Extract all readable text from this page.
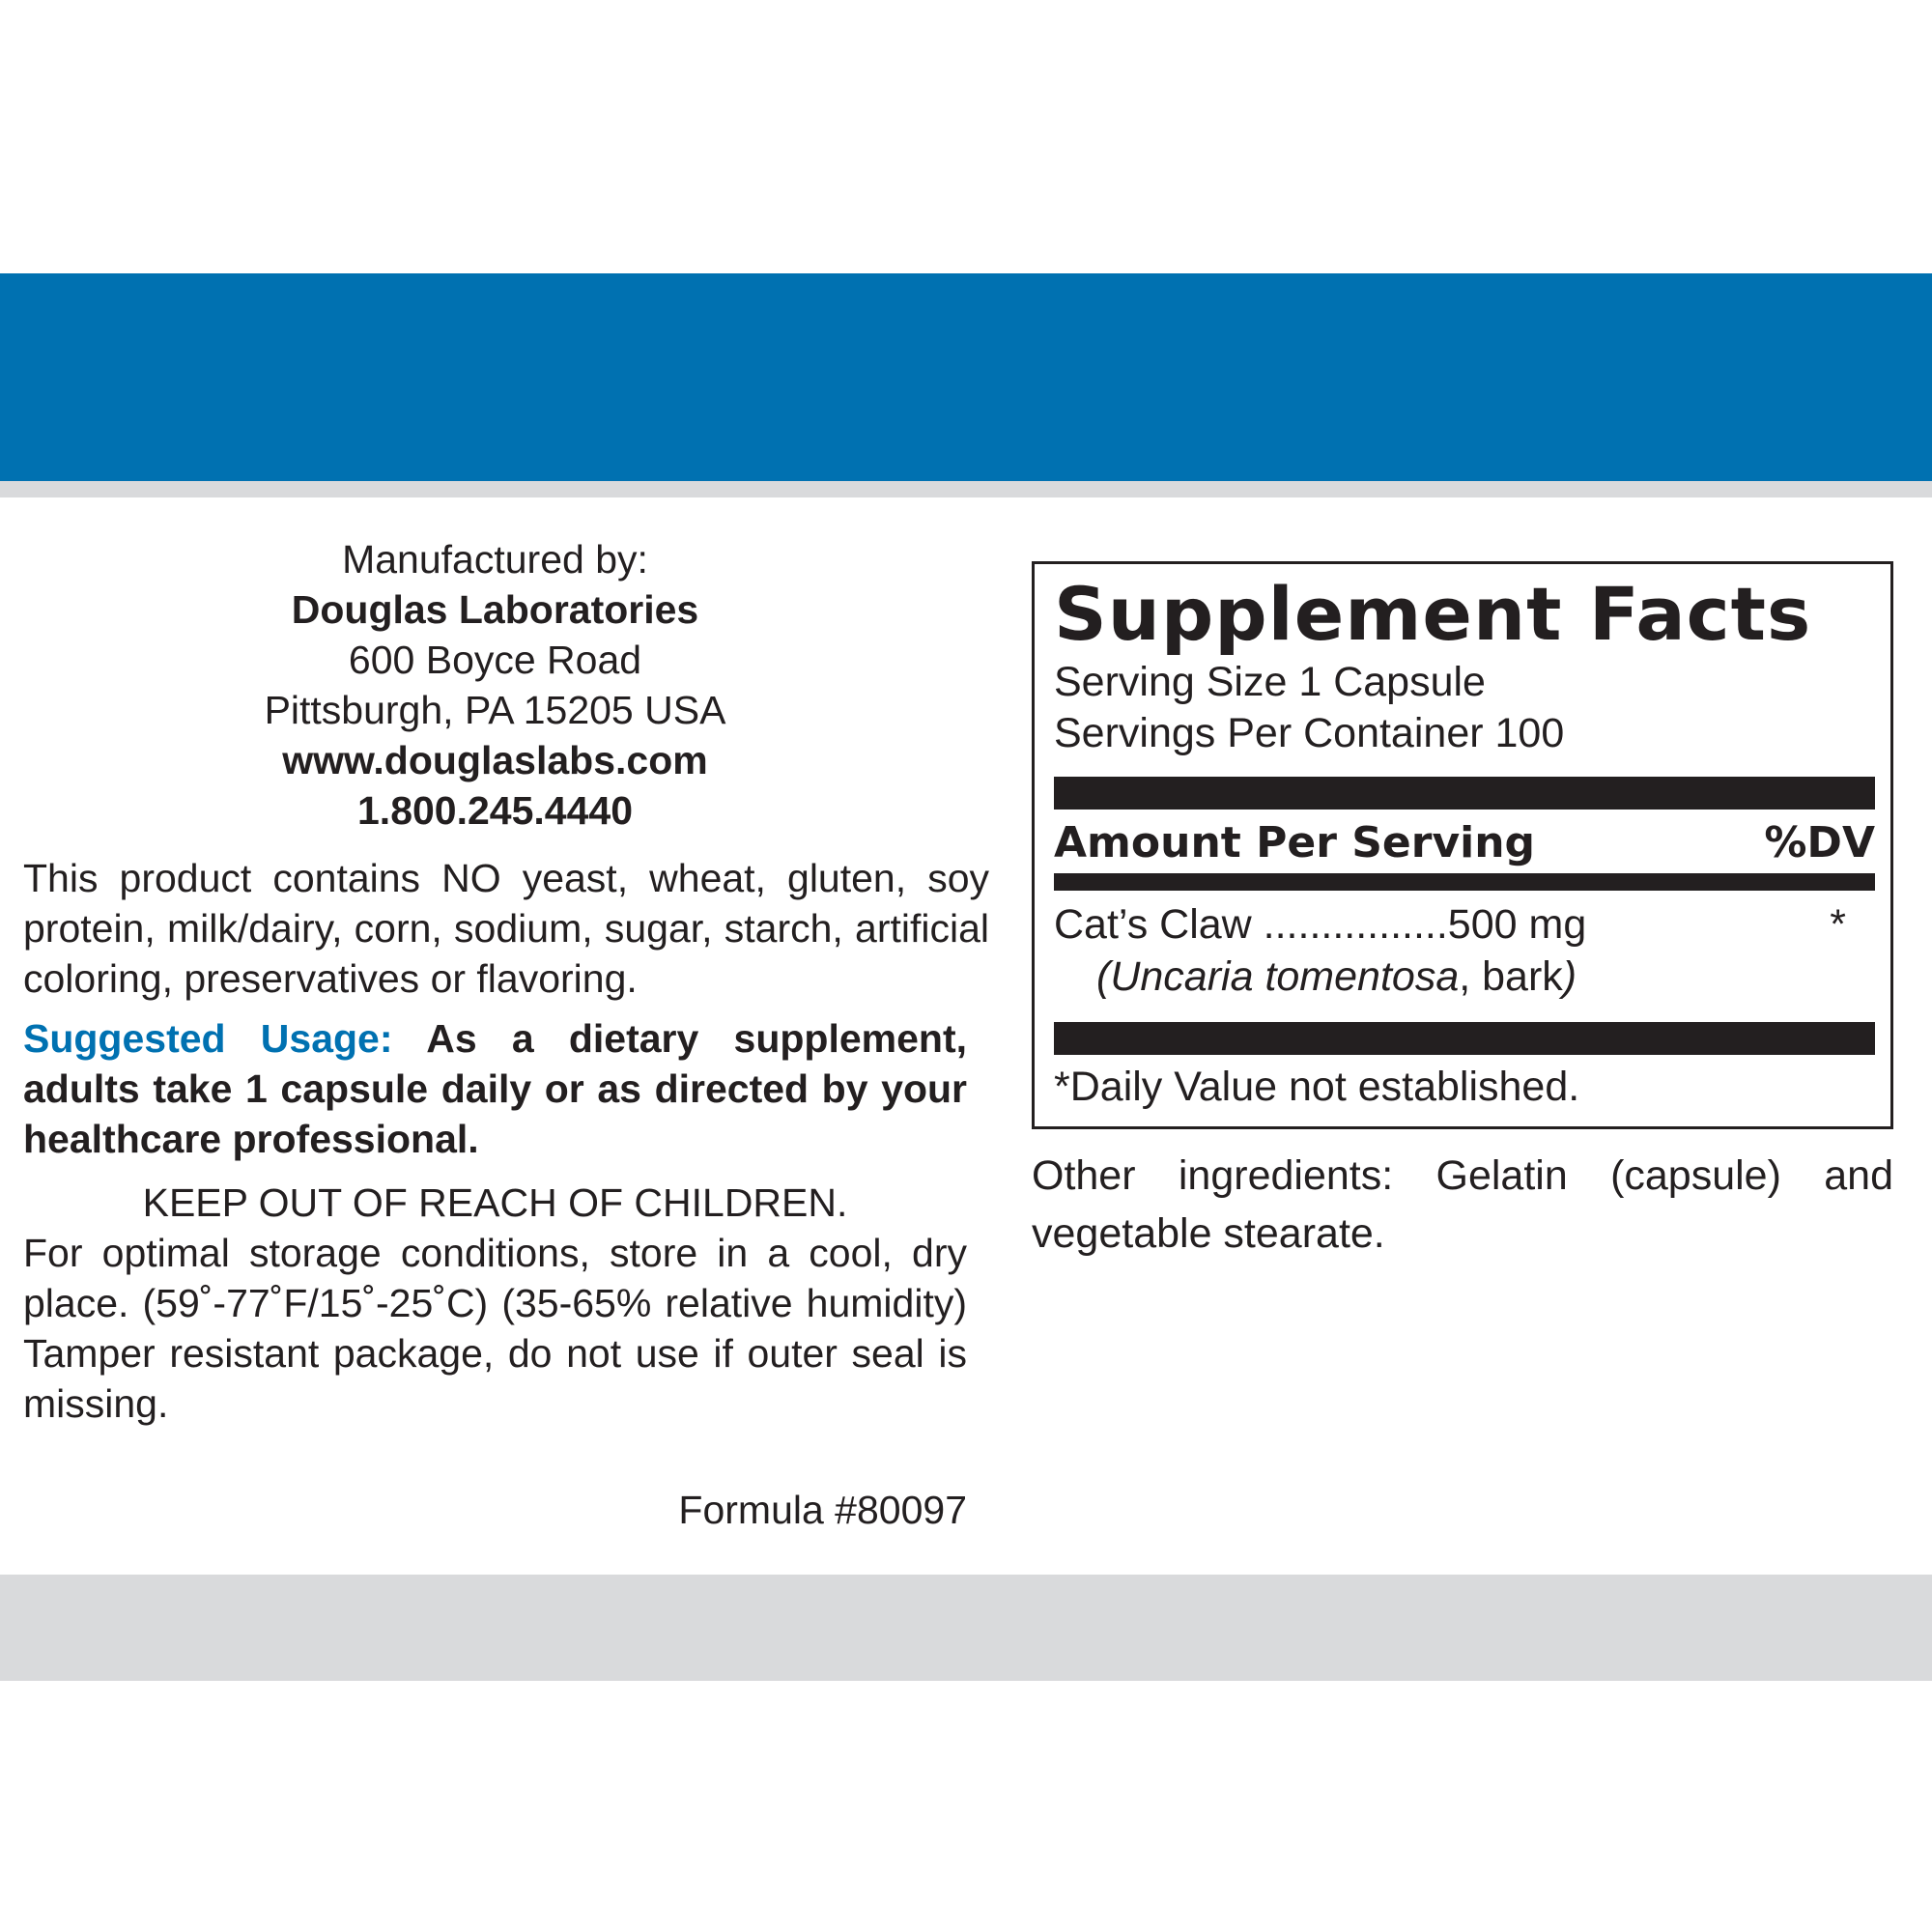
Manufactured by:
Douglas Laboratories
600 Boyce Road
Pittsburgh, PA 15205 USA
www.douglaslabs.com
1.800.245.4440
This product contains NO yeast, wheat, gluten, soy protein, milk/dairy, corn, sodium, sugar, starch, artificial coloring, preservatives or flavoring.
Suggested Usage: As a dietary supplement, adults take 1 capsule daily or as directed by your healthcare professional.
KEEP OUT OF REACH OF CHILDREN.
For optimal storage conditions, store in a cool, dry place. (59˚-77˚F/15˚-25˚C) (35-65% relative humidity) Tamper resistant package, do not use if outer seal is missing.
Formula #80097
Supplement Facts
Serving Size 1 Capsule
Servings Per Container 100
Amount Per Serving	%DV
Cat’s Claw ................500 mg	*
(Uncaria tomentosa, bark)
*Daily Value not established.
Other ingredients: Gelatin (capsule) and vegetable stearate.
